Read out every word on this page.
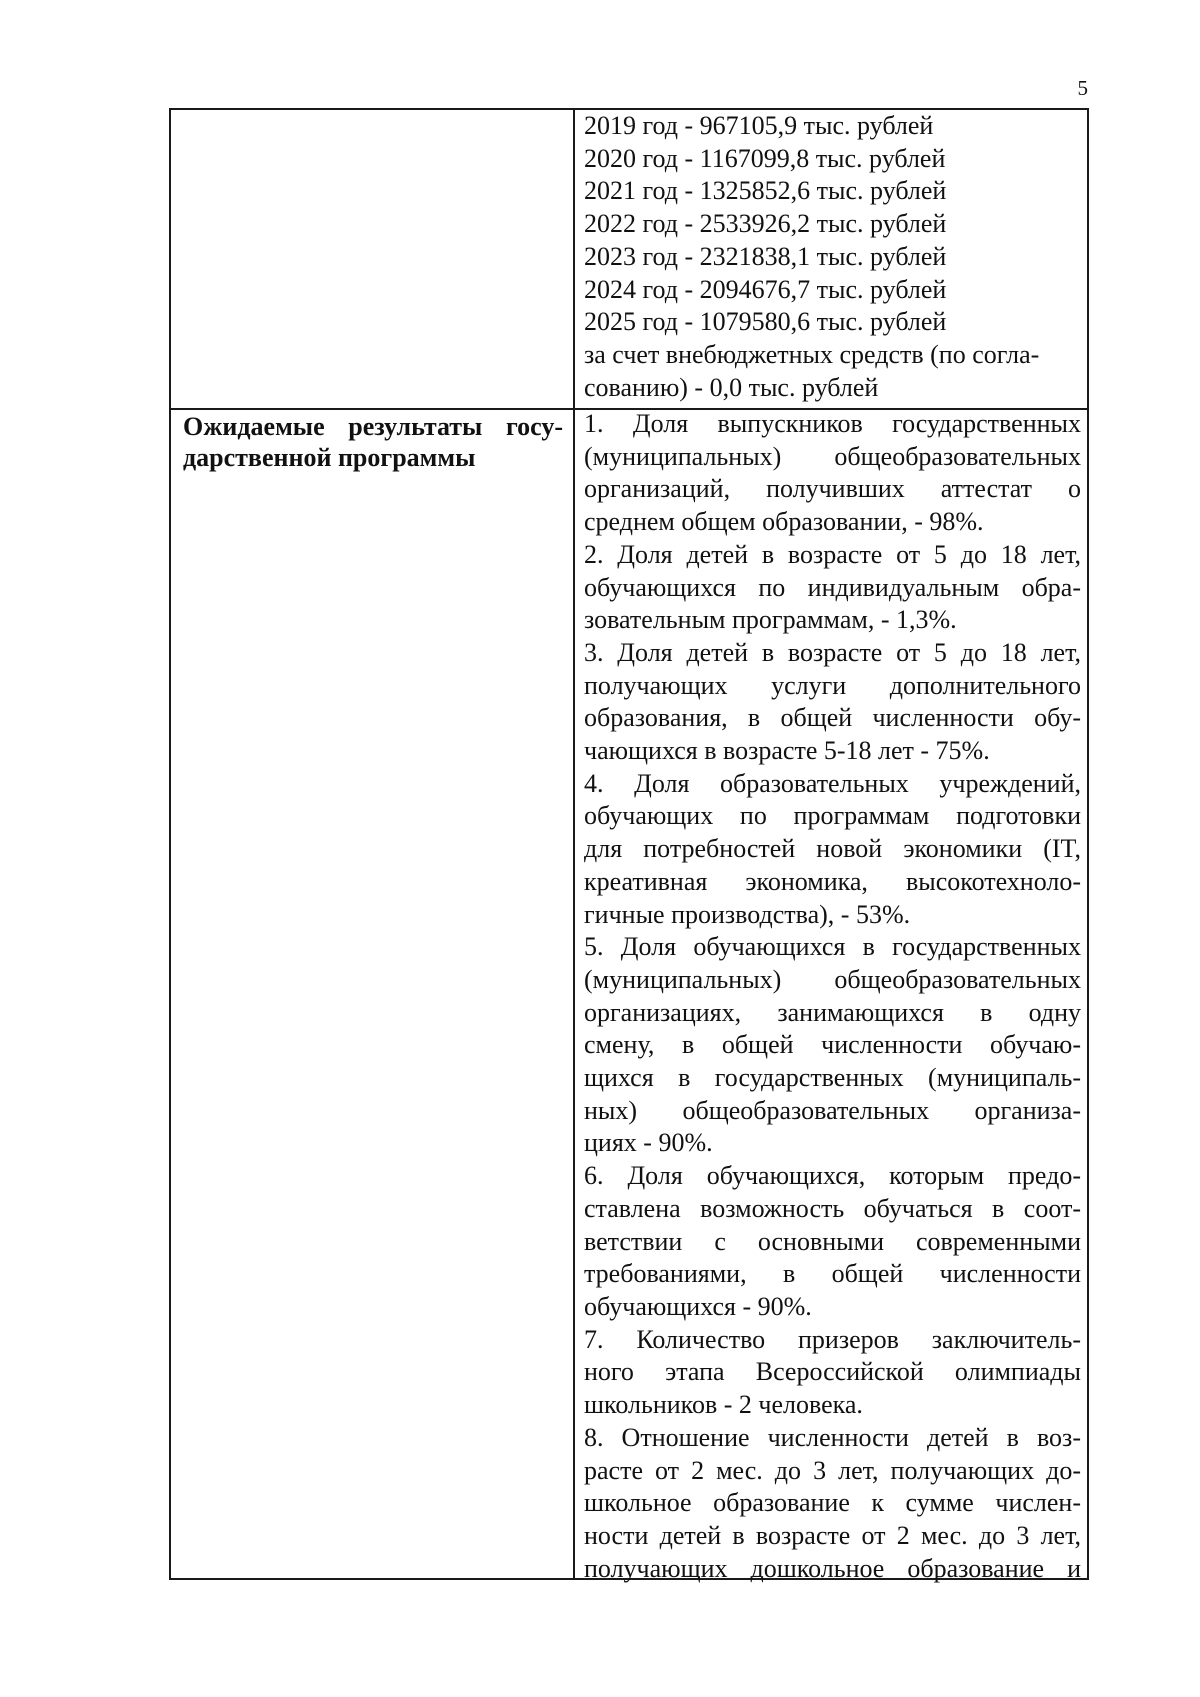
5
2019 год - 967105,9 тыс. рублей
2020 год - 1167099,8 тыс. рублей
2021 год - 1325852,6 тыс. рублей
2022 год - 2533926,2 тыс. рублей
2023 год - 2321838,1 тыс. рублей
2024 год - 2094676,7 тыс. рублей
2025 год - 1079580,6 тыс. рублей
за счет внебюджетных средств (по согла-
сованию) - 0,0 тыс. рублей
Ожидаемые результаты госу-
дарственной программы
1. Доля выпускников государственных
(муниципальных) общеобразовательных
организаций, получивших аттестат о
среднем общем образовании, - 98%.
2. Доля детей в возрасте от 5 до 18 лет,
обучающихся по индивидуальным обра-
зовательным программам, - 1,3%.
3. Доля детей в возрасте от 5 до 18 лет,
получающих услуги дополнительного
образования, в общей численности обу-
чающихся в возрасте 5-18 лет - 75%.
4. Доля образовательных учреждений,
обучающих по программам подготовки
для потребностей новой экономики (IT,
креативная экономика, высокотехноло-
гичные производства), - 53%.
5. Доля обучающихся в государственных
(муниципальных) общеобразовательных
организациях, занимающихся в одну
смену, в общей численности обучаю-
щихся в государственных (муниципаль-
ных) общеобразовательных организа-
циях - 90%.
6. Доля обучающихся, которым предо-
ставлена возможность обучаться в соот-
ветствии с основными современными
требованиями, в общей численности
обучающихся - 90%.
7. Количество призеров заключитель-
ного этапа Всероссийской олимпиады
школьников - 2 человека.
8. Отношение численности детей в воз-
расте от 2 мес. до 3 лет, получающих до-
школьное образование к сумме числен-
ности детей в возрасте от 2 мес. до 3 лет,
получающих дошкольное образование и
